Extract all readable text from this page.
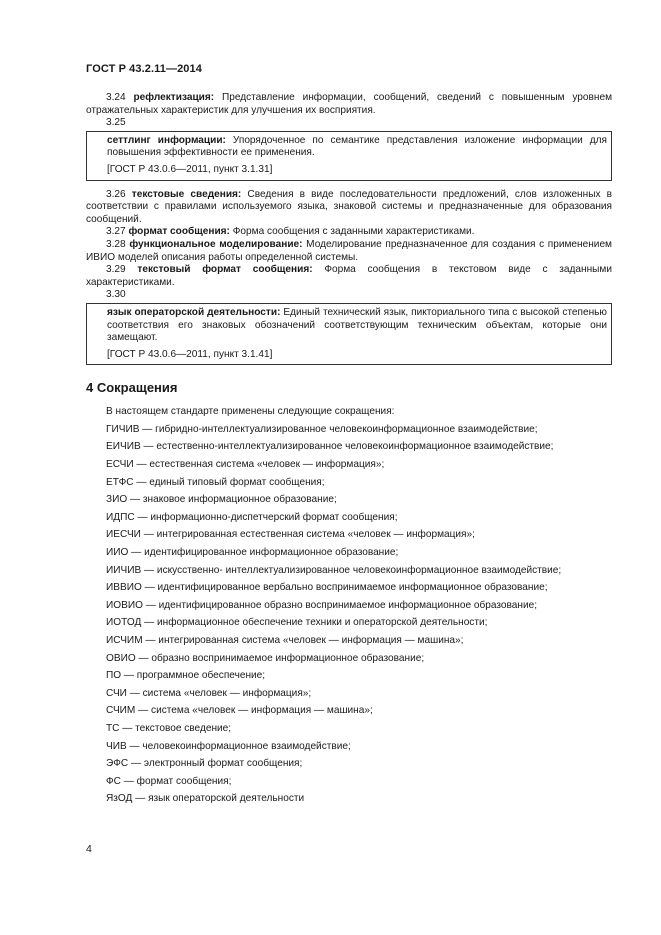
ГОСТ Р 43.2.11—2014

3.24 рефлектизация: Представление информации, сообщений, сведений с повышенным уровнем отражательных характеристик для улучшения их восприятия.

3.25

сеттлинг информации: Упорядоченное по семантике представления изложение информации для повышения эффективности ее применения.

[ГОСТ Р 43.0.6—2011, пункт 3.1.31]

3.26 текстовые сведения: Сведения в виде последовательности предложений, слов изложенных в соответствии с правилами используемого языка, знаковой системы и предназначенные для образования сообщений.

3.27 формат сообщения: Форма сообщения с заданными характеристиками.

3.28 функциональное моделирование: Моделирование предназначенное для создания с применением ИВИО моделей описания работы определенной системы.

3.29 текстовый формат сообщения: Форма сообщения в текстовом виде с заданными характеристиками.

3.30

язык операторской деятельности: Единый технический язык, пикториального типа с высокой степенью соответствия его знаковых обозначений соответствующим техническим объектам, которые они замещают.

[ГОСТ Р 43.0.6—2011, пункт 3.1.41]

4 Сокращения

В настоящем стандарте применены следующие сокращения:

ГИЧИВ — гибридно-интеллектуализированное человекоинформационное взаимодействие;
ЕИЧИВ — естественно-интеллектуализированное человекоинформационное взаимодействие;
ЕСЧИ — естественная система «человек — информация»;
ЕТФС — единый типовый формат сообщения;
ЗИО — знаковое информационное образование;
ИДПС — информационно-диспетчерский формат сообщения;
ИЕСЧИ — интегрированная естественная система «человек — информация»;
ИИО — идентифицированное информационное образование;
ИИЧИВ — искусственно- интеллектуализированное человекоинформационное взаимодействие;
ИВВИО — идентифицированное вербально воспринимаемое информационное образование;
ИОВИО — идентифицированное образно воспринимаемое информационное образование;
ИОТОД — информационное обеспечение техники и операторской деятельности;
ИСЧИМ — интегрированная система «человек — информация — машина»;
ОВИО — образно воспринимаемое информационное образование;
ПО — программное обеспечение;
СЧИ — система «человек — информация»;
СЧИМ — система «человек — информация — машина»;
ТС — текстовое сведение;
ЧИВ — человекоинформационное взаимодействие;
ЭФС — электронный формат сообщения;
ФС — формат сообщения;
ЯзОД — язык операторской деятельности
4
